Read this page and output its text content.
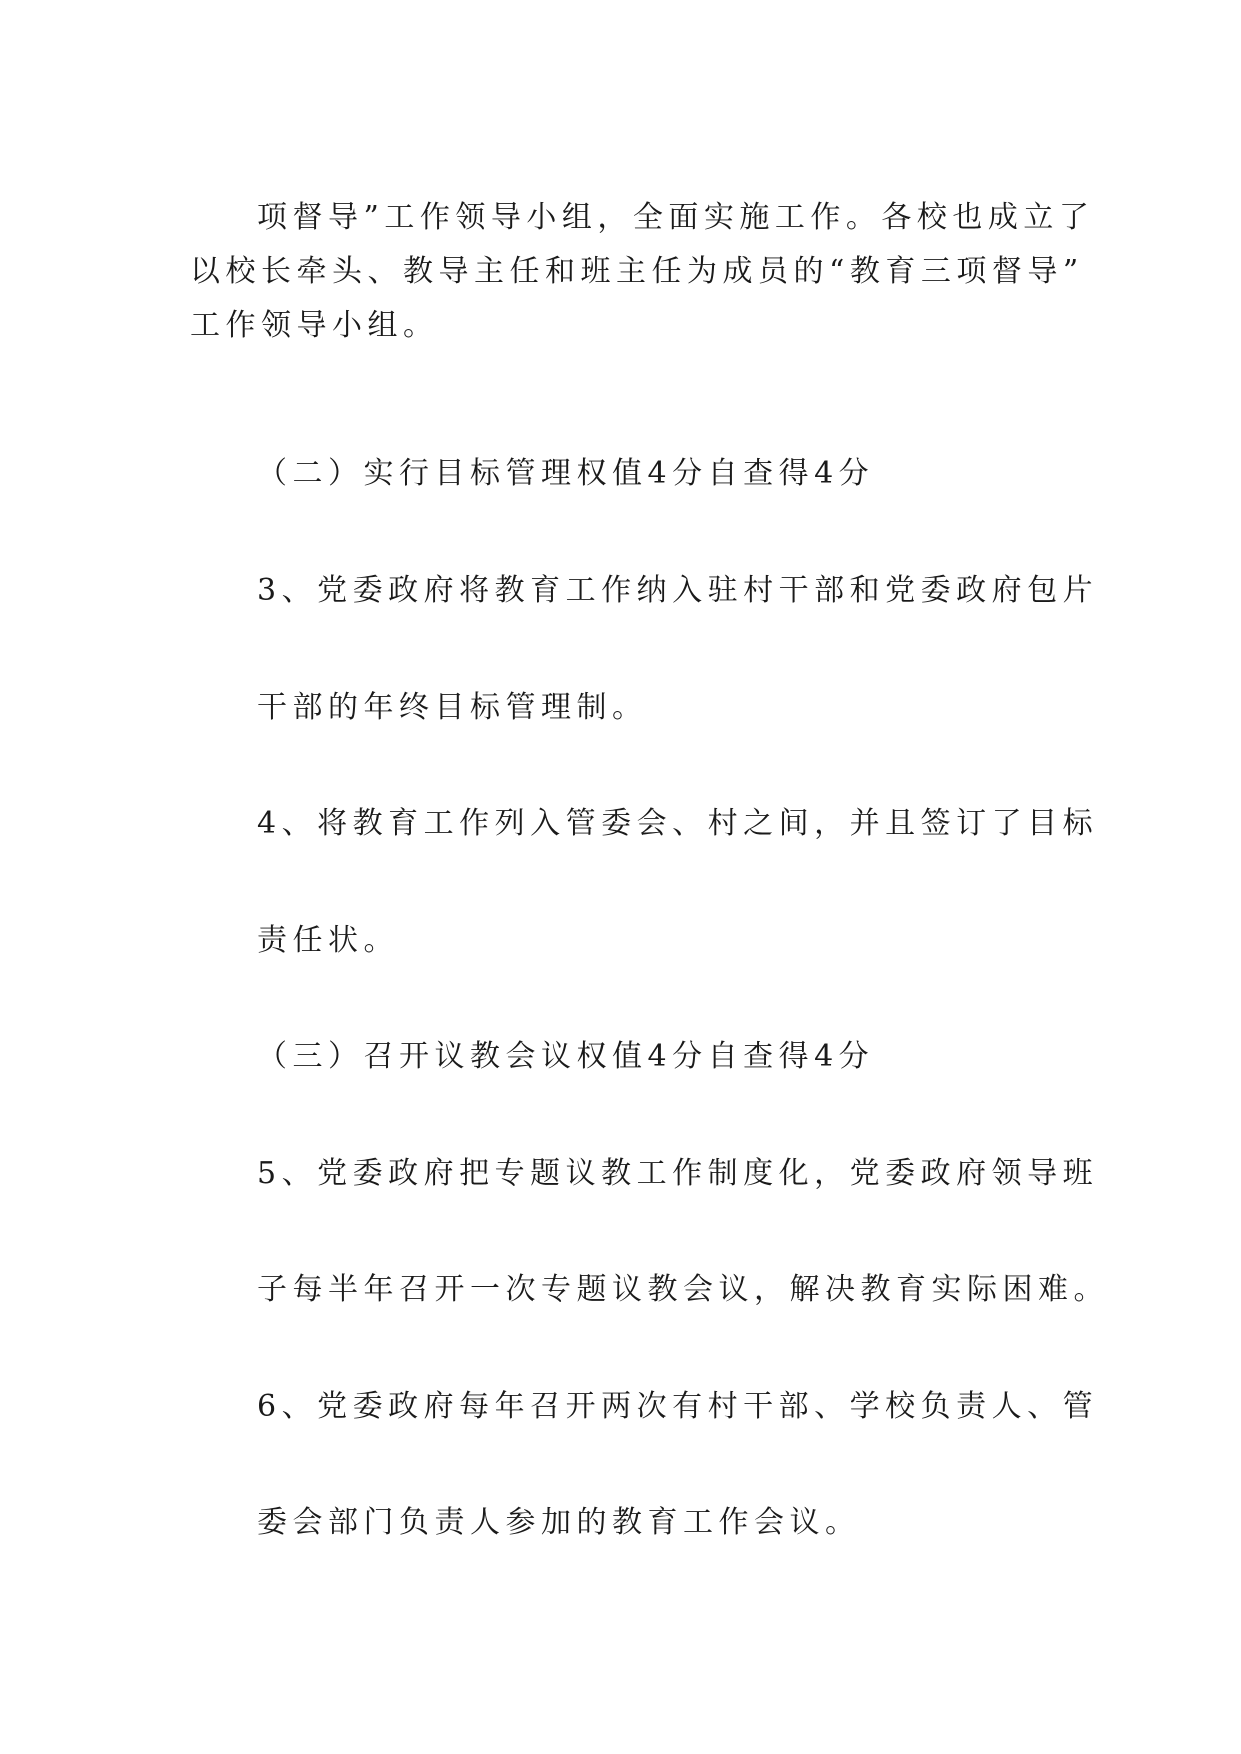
项督导”工作领导小组，全面实施工作。各校也成立了
以校长牵头、教导主任和班主任为成员的“教育三项督导”
工作领导小组。
（二）实行目标管理权值4分自查得4分
3、党委政府将教育工作纳入驻村干部和党委政府包片
干部的年终目标管理制。
4、将教育工作列入管委会、村之间，并且签订了目标
责任状。
（三）召开议教会议权值4分自查得4分
5、党委政府把专题议教工作制度化，党委政府领导班
子每半年召开一次专题议教会议，解决教育实际困难。
6、党委政府每年召开两次有村干部、学校负责人、管
委会部门负责人参加的教育工作会议。
